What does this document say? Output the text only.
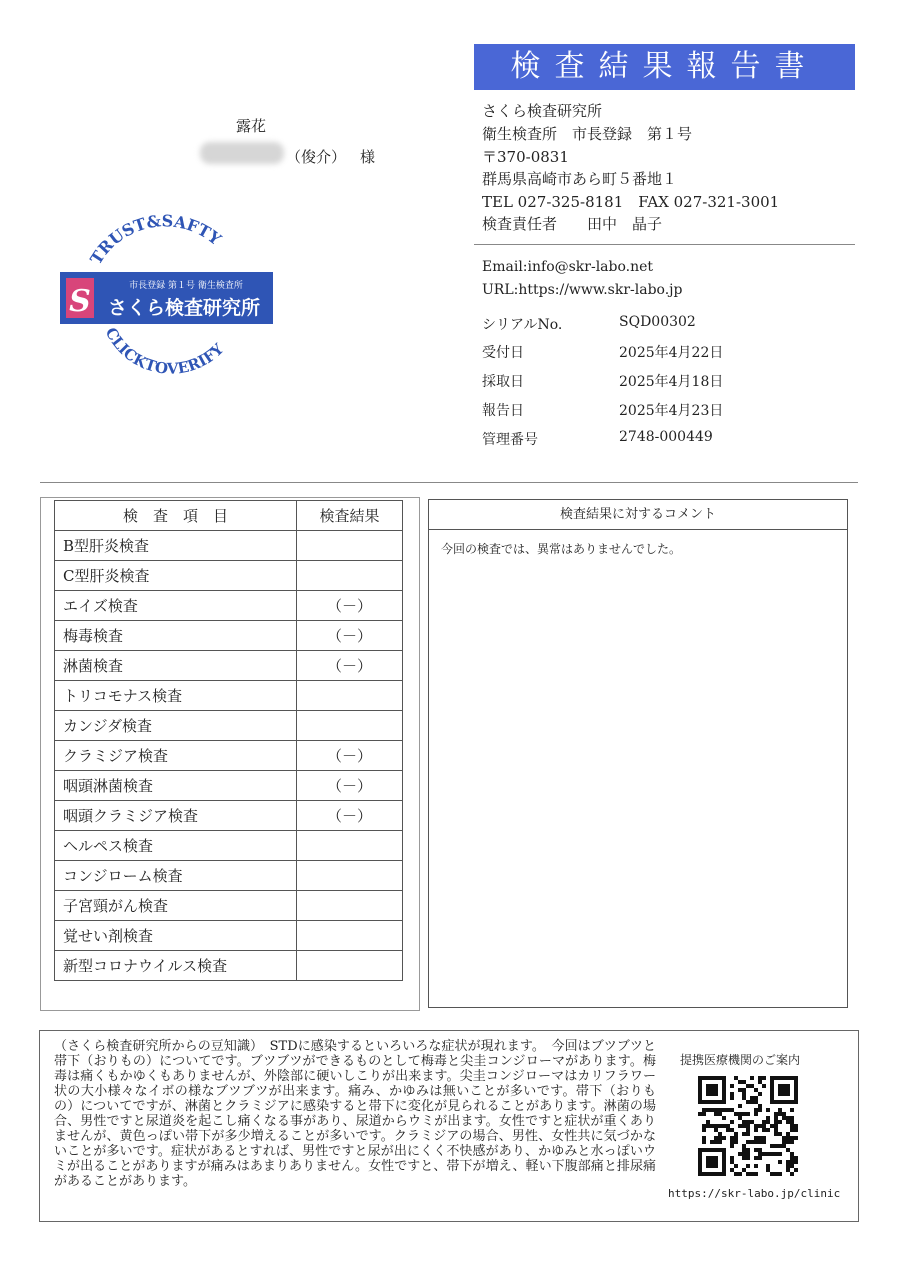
検査結果報告書
露花
（俊介） 様
さくら検査研究所
衛生検査所　市長登録　第１号
〒370-0831
群馬県高崎市あら町５番地１
TEL 027-325-8181　FAX 027-321-3001
検査責任者　　田中　晶子
Email:info@skr-labo.net
URL:https://www.skr-labo.jp
シリアルNo.	SQD00302
受付日	2025年4月22日
採取日	2025年4月18日
報告日	2025年4月23日
管理番号	2748-000449
TRUST&SAFTY
S	市長登録 第１号 衛生検査所
さくら検査研究所
CLICKTOVERIFY
検　査　項　目	検査結果
B型肝炎検査	
C型肝炎検査	
エイズ検査	（－）
梅毒検査	（－）
淋菌検査	（－）
トリコモナス検査	
カンジダ検査	
クラミジア検査	（－）
咽頭淋菌検査	（－）
咽頭クラミジア検査	（－）
ヘルペス検査	
コンジローム検査	
子宮頸がん検査	
覚せい剤検査	
新型コロナウイルス検査	
検査結果に対するコメント
今回の検査では、異常はありませんでした。
（さくら検査研究所からの豆知識）　STDに感染するといろいろな症状が現れます。　今回はブツブツと帯下（おりもの）についてです。ブツブツができるものとして梅毒と尖圭コンジローマがあります。梅毒は痛くもかゆくもありませんが、外陰部に硬いしこりが出来ます。尖圭コンジローマはカリフラワー状の大小様々なイボの様なブツブツが出来ます。痛み、かゆみは無いことが多いです。帯下（おりもの）についてですが、淋菌とクラミジアに感染すると帯下に変化が見られることがあります。淋菌の場合、男性ですと尿道炎を起こし痛くなる事があり、尿道からウミが出ます。女性ですと症状が重くありませんが、黄色っぽい帯下が多少増えることが多いです。クラミジアの場合、男性、女性共に気づかないことが多いです。症状があるとすれば、男性ですと尿が出にくく不快感があり、かゆみと水っぽいウミが出ることがありますが痛みはあまりありません。女性ですと、帯下が増え、軽い下腹部痛と排尿痛があることがあります。
提携医療機関のご案内
https://skr-labo.jp/clinic
